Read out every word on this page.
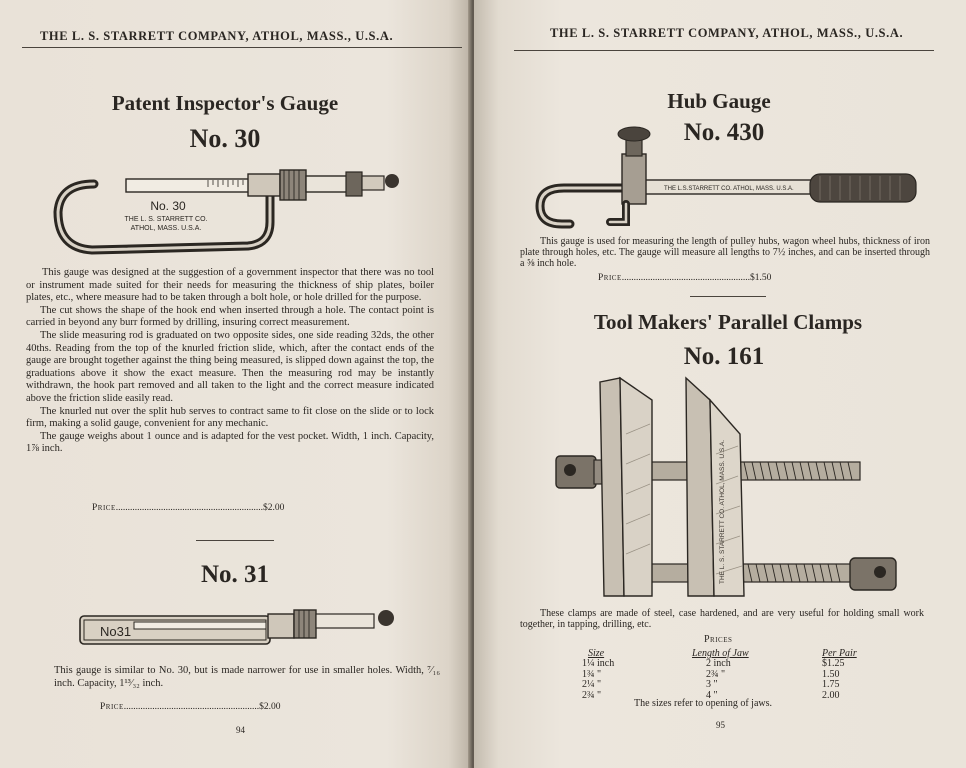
THE L. S. STARRETT COMPANY, ATHOL, MASS., U.S.A.
Patent Inspector's Gauge
No. 30
No. 30
THE L. S. STARRETT CO.
ATHOL, MASS. U.S.A.

This gauge was designed at the suggestion of a government inspector that there was no tool or instrument made suited for their needs for measuring the thickness of ship plates, boiler plates, etc., where measure had to be taken through a bolt hole, or hole drilled for the purpose.

The cut shows the shape of the hook end when inserted through a hole. The contact point is carried in beyond any burr formed by drilling, insuring correct measurement.

The slide measuring rod is graduated on two opposite sides, one side reading 32ds, the other 40ths. Reading from the top of the knurled friction slide, which, after the contact ends of the gauge are brought together against the thing being measured, is slipped down against the top, the graduations above it show the exact measure. Then the measuring rod may be instantly withdrawn, the hook part removed and all taken to the light and the correct measure indicated above the friction slide easily read.

The knurled nut over the split hub serves to contract same to fit close on the slide or to lock firm, making a solid gauge, convenient for any mechanic.

The gauge weighs about 1 ounce and is adapted for the vest pocket. Width, 1 inch. Capacity, 1⅞ inch.

Price..............................................................$2.00
No. 31
No31
This gauge is similar to No. 30, but is made narrower for use in smaller holes. Width, ⁷⁄₁₆ inch. Capacity, 1¹³⁄₃₂ inch.
Price.........................................................$2.00
94
THE L. S. STARRETT COMPANY, ATHOL, MASS., U.S.A.
Hub Gauge
No. 430
THE L.S.STARRETT CO. ATHOL, MASS. U.S.A.
This gauge is used for measuring the length of pulley hubs, wagon wheel hubs, thickness of iron plate through holes, etc. The gauge will measure all lengths to 7½ inches, and can be inserted through a ⅝ inch hole.
Price......................................................$1.50
Tool Makers' Parallel Clamps
No. 161
THE L. S. STARRETT CO. ATHOL, MASS. U.S.A.
These clamps are made of steel, case hardened, and are very useful for holding small work together, in tapping, drilling, etc.
Prices
Size	Length of Jaw	Per Pair
1¼ inch	2 inch	$1.25
1¾ "	2¾ "	1.50
2¼ "	3 "	1.75
2¾ "	4 "	2.00
The sizes refer to opening of jaws.
95
